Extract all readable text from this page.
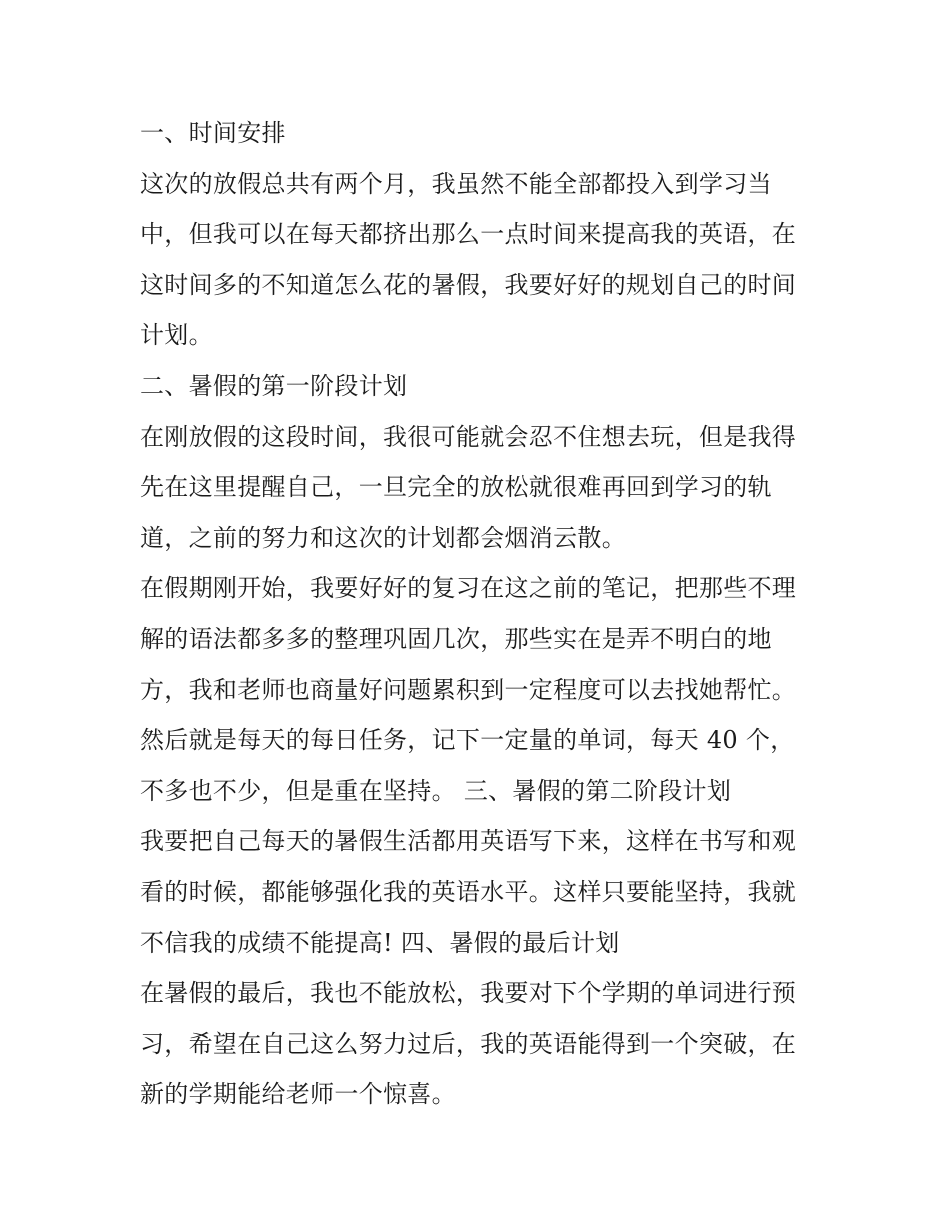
一、时间安排
这次的放假总共有两个月，我虽然不能全部都投入到学习当
中，但我可以在每天都挤出那么一点时间来提高我的英语，在
这时间多的不知道怎么花的暑假，我要好好的规划自己的时间
计划。
二、暑假的第一阶段计划
在刚放假的这段时间，我很可能就会忍不住想去玩，但是我得
先在这里提醒自己，一旦完全的放松就很难再回到学习的轨
道，之前的努力和这次的计划都会烟消云散。
在假期刚开始，我要好好的复习在这之前的笔记，把那些不理
解的语法都多多的整理巩固几次，那些实在是弄不明白的地
方，我和老师也商量好问题累积到一定程度可以去找她帮忙。
然后就是每天的每日任务，记下一定量的单词，每天 40 个，
不多也不少，但是重在坚持。 三、暑假的第二阶段计划
我要把自己每天的暑假生活都用英语写下来，这样在书写和观
看的时候，都能够强化我的英语水平。这样只要能坚持，我就
不信我的成绩不能提高! 四、暑假的最后计划
在暑假的最后，我也不能放松，我要对下个学期的单词进行预
习，希望在自己这么努力过后，我的英语能得到一个突破，在
新的学期能给老师一个惊喜。
